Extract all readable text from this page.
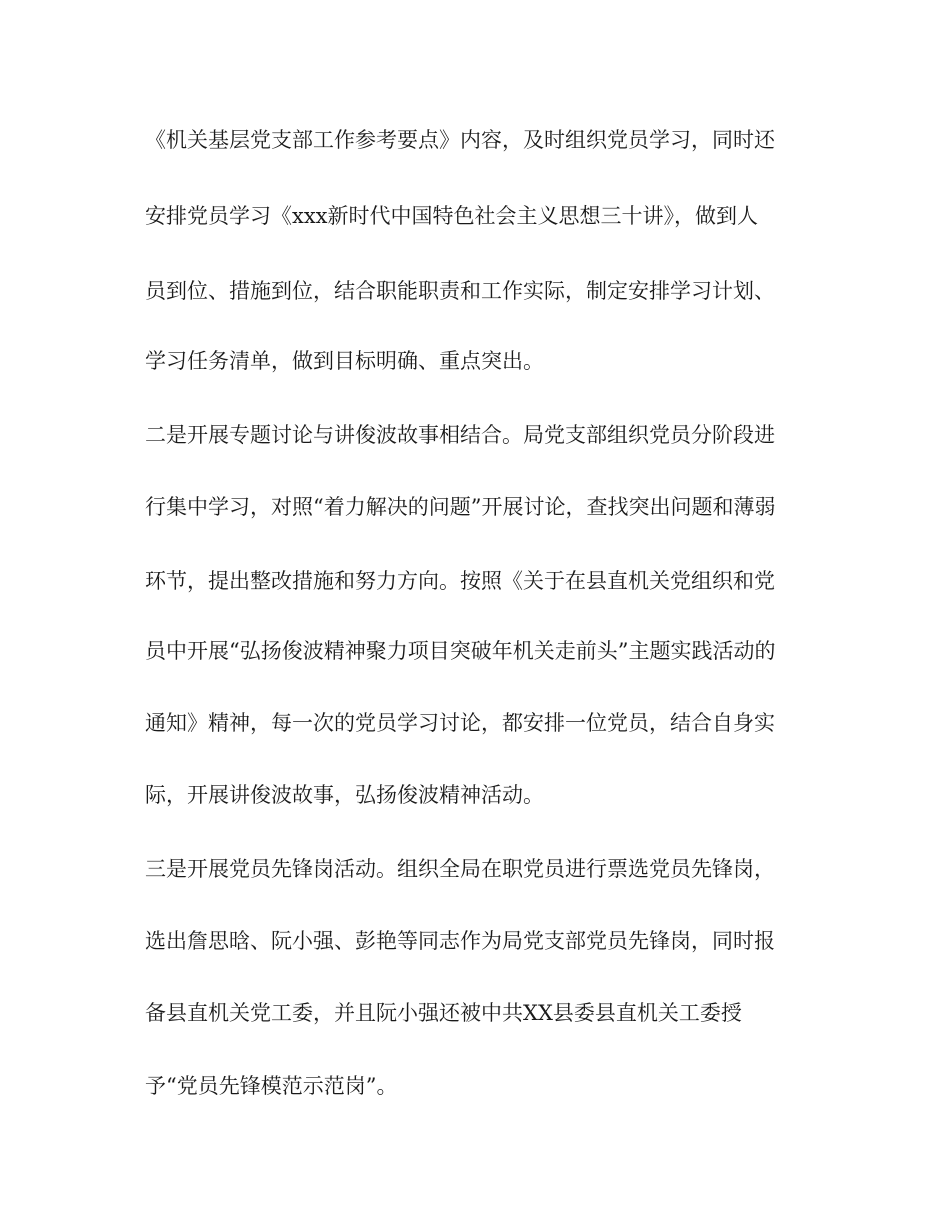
《机关基层党支部工作参考要点》内容，及时组织党员学习，同时还
安排党员学习《xxx新时代中国特色社会主义思想三十讲》，做到人
员到位、措施到位，结合职能职责和工作实际，制定安排学习计划、
学习任务清单，做到目标明确、重点突出。
二是开展专题讨论与讲俊波故事相结合。局党支部组织党员分阶段进
行集中学习，对照“着力解决的问题”开展讨论，查找突出问题和薄弱
环节，提出整改措施和努力方向。按照《关于在县直机关党组织和党
员中开展“弘扬俊波精神聚力项目突破年机关走前头”主题实践活动的
通知》精神，每一次的党员学习讨论，都安排一位党员，结合自身实
际，开展讲俊波故事，弘扬俊波精神活动。
三是开展党员先锋岗活动。组织全局在职党员进行票选党员先锋岗，
选出詹思晗、阮小强、彭艳等同志作为局党支部党员先锋岗，同时报
备县直机关党工委，并且阮小强还被中共XX县委县直机关工委授
予“党员先锋模范示范岗”。
